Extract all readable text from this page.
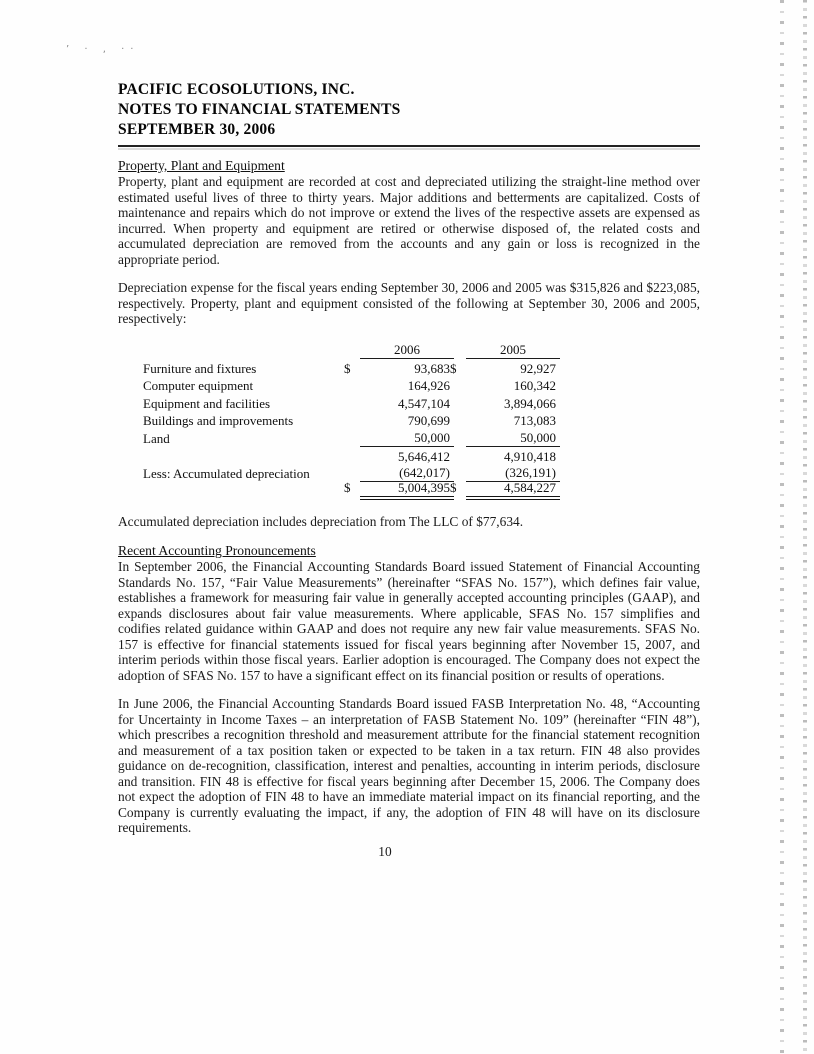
’ · , ··
PACIFIC ECOSOLUTIONS, INC.
NOTES TO FINANCIAL STATEMENTS
SEPTEMBER 30, 2006
Property, Plant and Equipment

Property, plant and equipment are recorded at cost and depreciated utilizing the straight-line method over estimated useful lives of three to thirty years. Major additions and betterments are capitalized. Costs of maintenance and repairs which do not improve or extend the lives of the respective assets are expensed as incurred. When property and equipment are retired or otherwise disposed of, the related costs and accumulated depreciation are removed from the accounts and any gain or loss is recognized in the appropriate period.

Depreciation expense for the fiscal years ending September 30, 2006 and 2005 was $315,826 and $223,085, respectively. Property, plant and equipment consisted of the following at September 30, 2006 and 2005, respectively:

2006	2005
Furniture and fixtures	$	93,683 $	92,927
Computer equipment	164,926	160,342
Equipment and facilities	4,547,104	3,894,066
Buildings and improvements	790,699	713,083
Land	50,000	50,000
5,646,412	4,910,418
Less: Accumulated depreciation	(642,017)	(326,191)
$	5,004,395 $	4,584,227

Accumulated depreciation includes depreciation from The LLC of $77,634.

Recent Accounting Pronouncements

In September 2006, the Financial Accounting Standards Board issued Statement of Financial Accounting Standards No. 157, “Fair Value Measurements” (hereinafter “SFAS No. 157”), which defines fair value, establishes a framework for measuring fair value in generally accepted accounting principles (GAAP), and expands disclosures about fair value measurements. Where applicable, SFAS No. 157 simplifies and codifies related guidance within GAAP and does not require any new fair value measurements. SFAS No. 157 is effective for financial statements issued for fiscal years beginning after November 15, 2007, and interim periods within those fiscal years. Earlier adoption is encouraged. The Company does not expect the adoption of SFAS No. 157 to have a significant effect on its financial position or results of operations.

In June 2006, the Financial Accounting Standards Board issued FASB Interpretation No. 48, “Accounting for Uncertainty in Income Taxes – an interpretation of FASB Statement No. 109” (hereinafter “FIN 48”), which prescribes a recognition threshold and measurement attribute for the financial statement recognition and measurement of a tax position taken or expected to be taken in a tax return. FIN 48 also provides guidance on de-recognition, classification, interest and penalties, accounting in interim periods, disclosure and transition. FIN 48 is effective for fiscal years beginning after December 15, 2006. The Company does not expect the adoption of FIN 48 to have an immediate material impact on its financial reporting, and the Company is currently evaluating the impact, if any, the adoption of FIN 48 will have on its disclosure requirements.

10
